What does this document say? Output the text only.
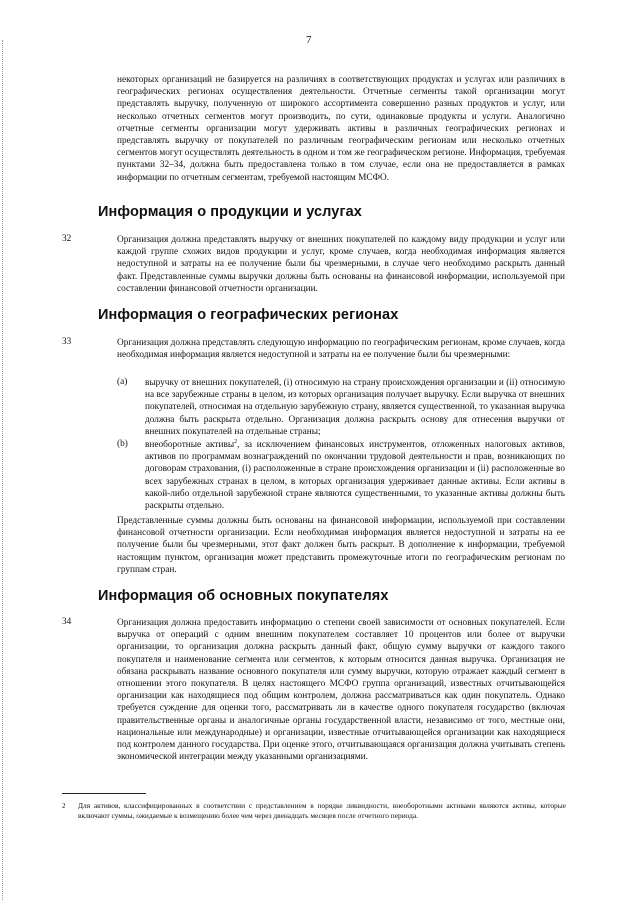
7
некоторых организаций не базируется на различиях в соответствующих продуктах и услугах или различиях в географических регионах осуществления деятельности. Отчетные сегменты такой организации могут представлять выручку, полученную от широкого ассортимента совершенно разных продуктов и услуг, или несколько отчетных сегментов могут производить, по сути, одинаковые продукты и услуги. Аналогично отчетные сегменты организации могут удерживать активы в различных географических регионах и представлять выручку от покупателей по различным географическим регионам или несколько отчетных сегментов могут осуществлять деятельность в одном и том же географическом регионе. Информация, требуемая пунктами 32–34, должна быть предоставлена только в том случае, если она не предоставляется в рамках информации по отчетным сегментам, требуемой настоящим МСФО.
Информация о продукции и услугах
32	Организация должна представлять выручку от внешних покупателей по каждому виду продукции и услуг или каждой группе схожих видов продукции и услуг, кроме случаев, когда необходимая информация является недоступной и затраты на ее получение были бы чрезмерными, в случае чего необходимо раскрыть данный факт. Представленные суммы выручки должны быть основаны на финансовой информации, используемой при составлении финансовой отчетности организации.
Информация о географических регионах
33	Организация должна представлять следующую информацию по географическим регионам, кроме случаев, когда необходимая информация является недоступной и затраты на ее получение были бы чрезмерными:
(a) выручку от внешних покупателей, (i) относимую на страну происхождения организации и (ii) относимую на все зарубежные страны в целом, из которых организация получает выручку. Если выручка от внешних покупателей, относимая на отдельную зарубежную страну, является существенной, то указанная выручка должна быть раскрыта отдельно. Организация должна раскрыть основу для отнесения выручки от внешних покупателей на отдельные страны;
(b) внеоборотные активы$^2$, за исключением финансовых инструментов, отложенных налоговых активов, активов по программам вознаграждений по окончании трудовой деятельности и прав, возникающих по договорам страхования, (i) расположенные в стране происхождения организации и (ii) расположенные во всех зарубежных странах в целом, в которых организация удерживает данные активы. Если активы в какой-либо отдельной зарубежной стране являются существенными, то указанные активы должны быть раскрыты отдельно.
Представленные суммы должны быть основаны на финансовой информации, используемой при составлении финансовой отчетности организации. Если необходимая информация является недоступной и затраты на ее получение были бы чрезмерными, этот факт должен быть раскрыт. В дополнение к информации, требуемой настоящим пунктом, организация может представить промежуточные итоги по географическим регионам по группам стран.
Информация об основных покупателях
34	Организация должна предоставить информацию о степени своей зависимости от основных покупателей. Если выручка от операций с одним внешним покупателем составляет 10 процентов или более от выручки организации, то организация должна раскрыть данный факт, общую сумму выручки от каждого такого покупателя и наименование сегмента или сегментов, к которым относится данная выручка. Организация не обязана раскрывать название основного покупателя или сумму выручки, которую отражает каждый сегмент в отношении этого покупателя. В целях настоящего МСФО группа организаций, известных отчитывающейся организации как находящиеся под общим контролем, должна рассматриваться как один покупатель. Однако требуется суждение для оценки того, рассматривать ли в качестве одного покупателя государство (включая правительственные органы и аналогичные органы государственной власти, независимо от того, местные они, национальные или международные) и организации, известные отчитывающейся организации как находящиеся под контролем данного государства. При оценке этого, отчитывающаяся организация должна учитывать степень экономической интеграции между указанными организациями.
2 Для активов, классифицированных в соответствии с представлением в порядке ликвидности, внеоборотными активами являются активы, которые включают суммы, ожидаемые к возмещению более чем через двенадцать месяцев после отчетного периода.
